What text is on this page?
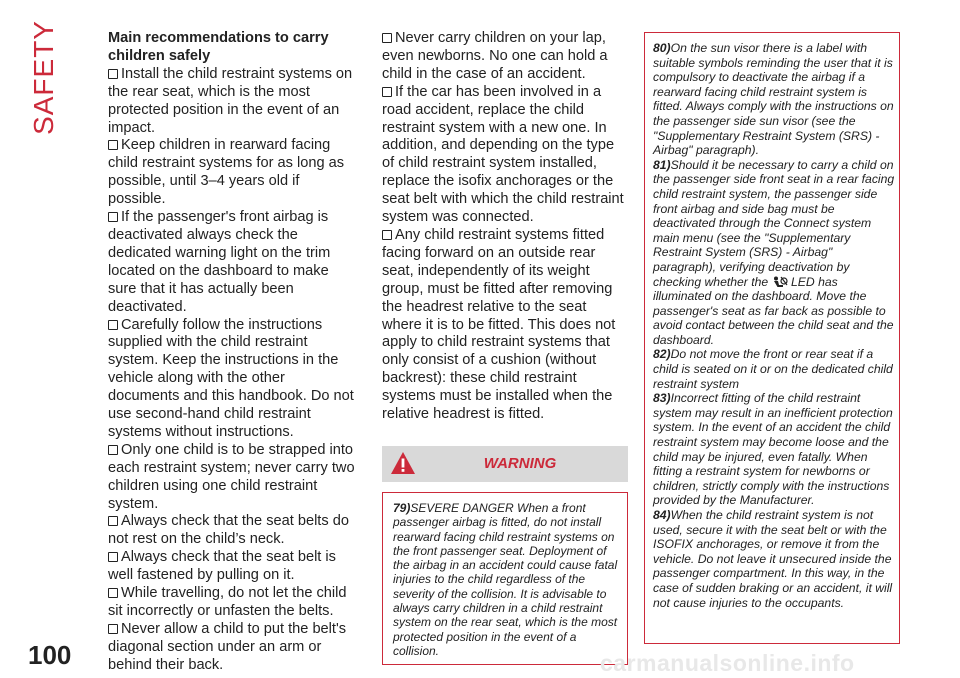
SAFETY	Main recommendations to carry children safely
Install the child restraint systems on the rear seat, which is the most protected position in the event of an impact.
Keep children in rearward facing child restraint systems for as long as possible, until 3–4 years old if possible.
If the passenger's front airbag is deactivated always check the dedicated warning light on the trim located on the dashboard to make sure that it has actually been deactivated.
Carefully follow the instructions supplied with the child restraint system. Keep the instructions in the vehicle along with the other documents and this handbook. Do not use second-hand child restraint systems without instructions.
Only one child is to be strapped into each restraint system; never carry two children using one child restraint system.
Always check that the seat belts do not rest on the child’s neck.
Always check that the seat belt is well fastened by pulling on it.
While travelling, do not let the child sit incorrectly or unfasten the belts.
Never allow a child to put the belt's diagonal section under an arm or behind their back.
Never carry children on your lap, even newborns. No one can hold a child in the case of an accident.
If the car has been involved in a road accident, replace the child restraint system with a new one. In addition, and depending on the type of child restraint system installed, replace the isofix anchorages or the seat belt with which the child restraint system was connected.
Any child restraint systems fitted facing forward on an outside rear seat, independently of its weight group, must be fitted after removing the headrest relative to the seat where it is to be fitted. This does not apply to child restraint systems that only consist of a cushion (without backrest): these child restraint systems must be installed when the relative headrest is fitted.
WARNING
79)SEVERE DANGER When a front passenger airbag is fitted, do not install rearward facing child restraint systems on the front passenger seat. Deployment of the airbag in an accident could cause fatal injuries to the child regardless of the severity of the collision. It is advisable to always carry children in a child restraint system on the rear seat, which is the most protected position in the event of a collision.
80)On the sun visor there is a label with suitable symbols reminding the user that it is compulsory to deactivate the airbag if a rearward facing child restraint system is fitted. Always comply with the instructions on the passenger side sun visor (see the "Supplementary Restraint System (SRS) - Airbag" paragraph).
81)Should it be necessary to carry a child on the passenger side front seat in a rear facing child restraint system, the passenger side front airbag and side bag must be deactivated through the Connect system main menu (see the "Supplementary Restraint System (SRS) - Airbag" paragraph), verifying deactivation by checking whether the LED has illuminated on the dashboard. Move the passenger's seat as far back as possible to avoid contact between the child seat and the dashboard.
82)Do not move the front or rear seat if a child is seated on it or on the dedicated child restraint system
83)Incorrect fitting of the child restraint system may result in an inefficient protection system. In the event of an accident the child restraint system may become loose and the child may be injured, even fatally. When fitting a restraint system for newborns or children, strictly comply with the instructions provided by the Manufacturer.
84)When the child restraint system is not used, secure it with the seat belt or with the ISOFIX anchorages, or remove it from the vehicle. Do not leave it unsecured inside the passenger compartment. In this way, in the case of sudden braking or an accident, it will not cause injuries to the occupants.
100	carmanualsonline.info
